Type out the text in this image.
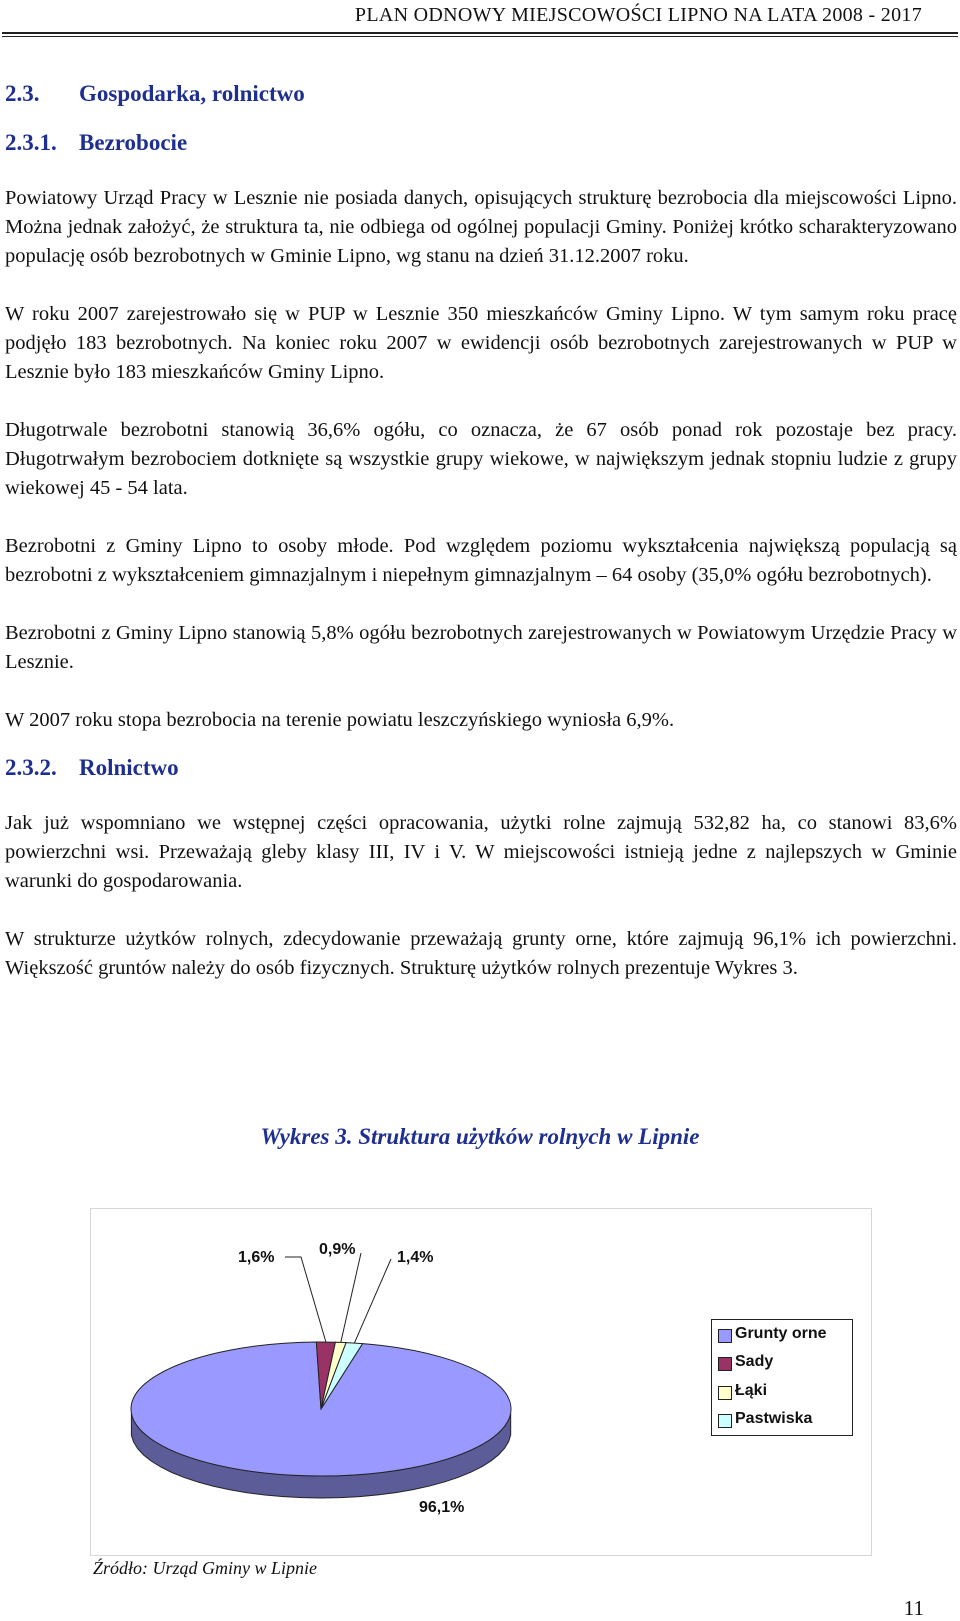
PLAN ODNOWY MIEJSCOWOŚCI LIPNO NA LATA 2008 - 2017
2.3. Gospodarka, rolnictwo
2.3.1. Bezrobocie

Powiatowy Urząd Pracy w Lesznie nie posiada danych, opisujących strukturę bezrobocia dla miejscowości Lipno. Można jednak założyć, że struktura ta, nie odbiega od ogólnej populacji Gminy. Poniżej krótko scharakteryzowano populację osób bezrobotnych w Gminie Lipno, wg stanu na dzień 31.12.2007 roku.

W roku 2007 zarejestrowało się w PUP w Lesznie 350 mieszkańców Gminy Lipno. W tym samym roku pracę podjęło 183 bezrobotnych. Na koniec roku 2007 w ewidencji osób bezrobotnych zarejestrowanych w PUP w Lesznie było 183 mieszkańców Gminy Lipno.

Długotrwale bezrobotni stanowią 36,6% ogółu, co oznacza, że 67 osób ponad rok pozostaje bez pracy. Długotrwałym bezrobociem dotknięte są wszystkie grupy wiekowe, w największym jednak stopniu ludzie z grupy wiekowej 45 - 54 lata.

Bezrobotni z Gminy Lipno to osoby młode. Pod względem poziomu wykształcenia największą populacją są bezrobotni z wykształceniem gimnazjalnym i niepełnym gimnazjalnym – 64 osoby (35,0% ogółu bezrobotnych).

Bezrobotni z Gminy Lipno stanowią 5,8% ogółu bezrobotnych zarejestrowanych w Powiatowym Urzędzie Pracy w Lesznie.

W 2007 roku stopa bezrobocia na terenie powiatu leszczyńskiego wyniosła 6,9%.

2.3.2. Rolnictwo

Jak już wspomniano we wstępnej części opracowania, użytki rolne zajmują 532,82 ha, co stanowi 83,6% powierzchni wsi. Przeważają gleby klasy III, IV i V. W miejscowości istnieją jedne z najlepszych w Gminie warunki do gospodarowania.

W strukturze użytków rolnych, zdecydowanie przeważają grunty orne, które zajmują 96,1% ich powierzchni. Większość gruntów należy do osób fizycznych. Strukturę użytków rolnych prezentuje Wykres 3.

Wykres 3. Struktura użytków rolnych w Lipnie
96,1%
1,6%	0,9%	1,4%
Grunty orne
Sady
Łąki
Pastwiska
Źródło: Urząd Gminy w Lipnie
11
